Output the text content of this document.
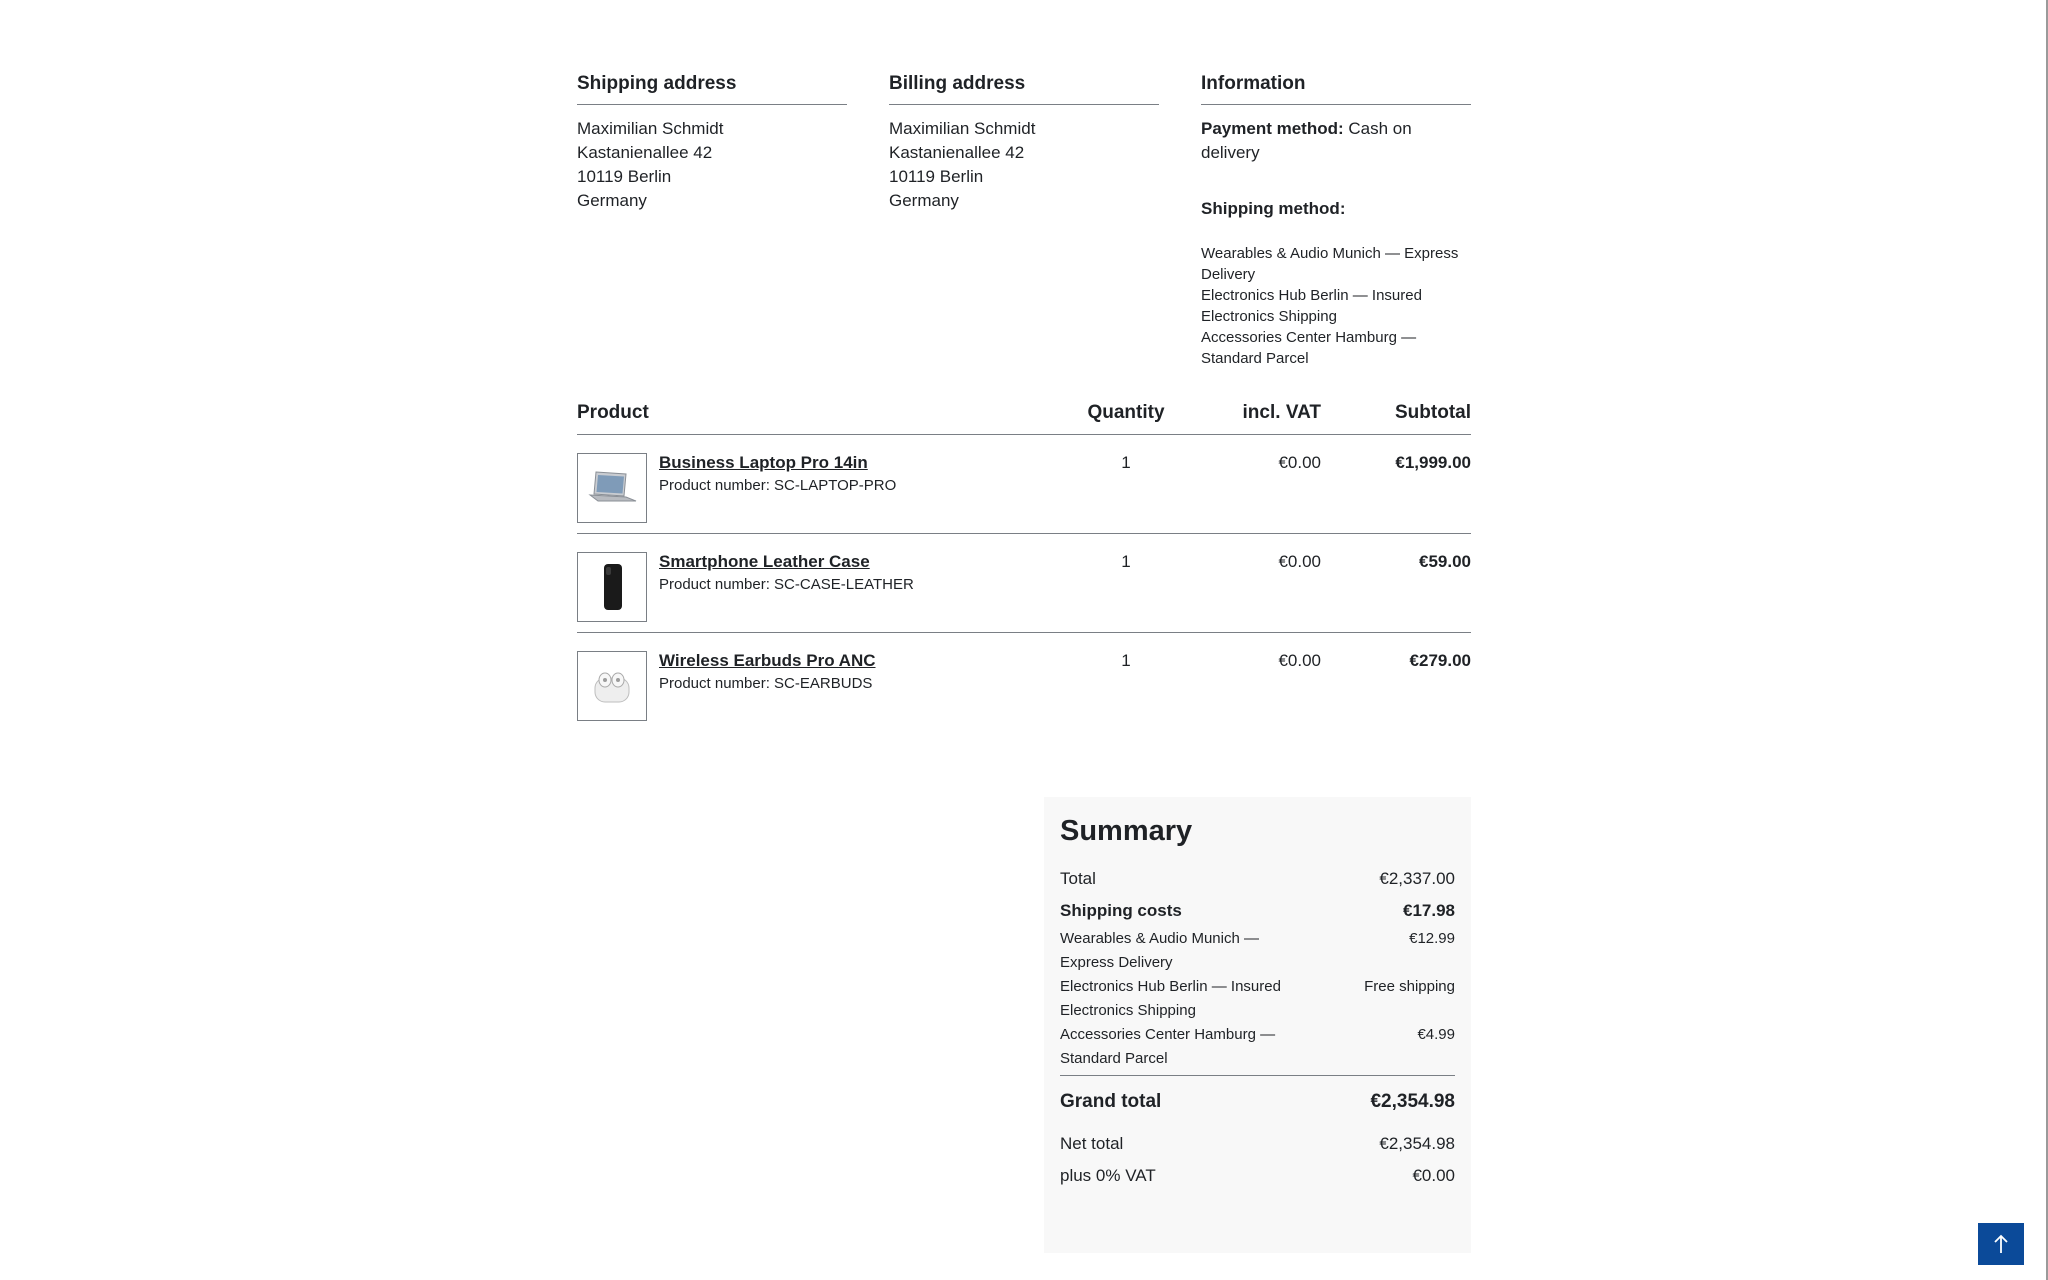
Shipping address
Maximilian Schmidt
Kastanienallee 42
10119 Berlin
Germany
Billing address
Maximilian Schmidt
Kastanienallee 42
10119 Berlin
Germany
Information
Payment method: Cash on delivery
Shipping method:
Wearables & Audio Munich — Express Delivery
Electronics Hub Berlin — Insured Electronics Shipping
Accessories Center Hamburg — Standard Parcel
Product	Quantity	incl. VAT	Subtotal
Business Laptop Pro 14in
Product number: SC-LAPTOP-PRO
1	€0.00	€1,999.00
Smartphone Leather Case
Product number: SC-CASE-LEATHER
1	€0.00	€59.00
Wireless Earbuds Pro ANC
Product number: SC-EARBUDS
1	€0.00	€279.00
Summary
Total	€2,337.00
Shipping costs	€17.98
Wearables & Audio Munich — Express Delivery
€12.99
Electronics Hub Berlin — Insured Electronics Shipping
Free shipping
Accessories Center Hamburg — Standard Parcel
€4.99
Grand total	€2,354.98
Net total	€2,354.98
plus 0% VAT	€0.00
